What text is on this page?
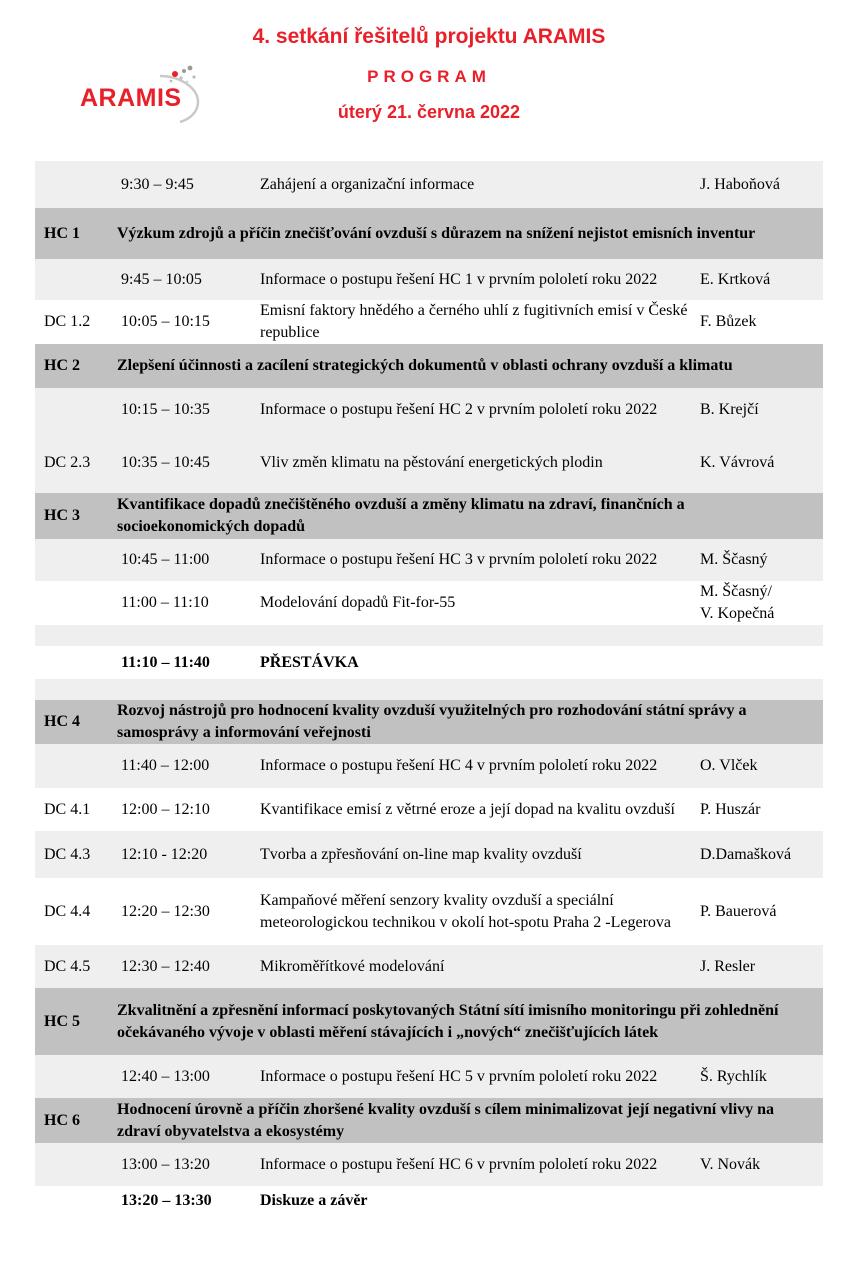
4. setkání řešitelů projektu ARAMIS
PROGRAM
úterý 21. června 2022
ARAMIS
	9:30 – 9:45	Zahájení a organizační informace	J. Haboňová
HC 1	Výzkum zdrojů a příčin znečišťování ovzduší s důrazem na snížení nejistot emisních inventur		
	9:45 – 10:05	Informace o postupu řešení HC 1 v prvním pololetí roku 2022	E. Krtková
DC 1.2	10:05 – 10:15	Emisní faktory hnědého a černého uhlí z fugitivních emisí v České republice	F. Bůzek
HC 2	Zlepšení účinnosti a zacílení strategických dokumentů v oblasti ochrany ovzduší a klimatu		
	10:15 – 10:35	Informace o postupu řešení HC 2 v prvním pololetí roku 2022	B. Krejčí
DC 2.3	10:35 – 10:45	Vliv změn klimatu na pěstování energetických plodin	K. Vávrová
HC 3	Kvantifikace dopadů znečištěného ovzduší a změny klimatu na zdraví, finančních a socioekonomických dopadů		
	10:45 – 11:00	Informace o postupu řešení HC 3 v prvním pololetí roku 2022	M. Ščasný
	11:00 – 11:10	Modelování dopadů Fit-for-55	M. Ščasný/
V. Kopečná

	11:10 – 11:40	PŘESTÁVKA	

HC 4	Rozvoj nástrojů pro hodnocení kvality ovzduší využitelných pro rozhodování státní správy a samosprávy a informování veřejnosti		
	11:40 – 12:00	Informace o postupu řešení HC 4 v prvním pololetí roku 2022	O. Vlček
DC 4.1	12:00 – 12:10	Kvantifikace emisí z větrné eroze a její dopad na kvalitu ovzduší	P. Huszár
DC 4.3	12:10 - 12:20	Tvorba a zpřesňování on-line map kvality ovzduší	D.Damašková
DC 4.4	12:20 – 12:30	Kampaňové měření senzory kvality ovzduší a speciální meteorologickou technikou v okolí hot-spotu Praha 2 -Legerova	P. Bauerová
DC 4.5	12:30 – 12:40	Mikroměřítkové modelování	J. Resler
HC 5	Zkvalitnění a zpřesnění informací poskytovaných Státní sítí imisního monitoringu při zohlednění očekávaného vývoje v oblasti měření stávajících i „nových“ znečišťujících látek		
	12:40 – 13:00	Informace o postupu řešení HC 5 v prvním pololetí roku 2022	Š. Rychlík
HC 6	Hodnocení úrovně a příčin zhoršené kvality ovzduší s cílem minimalizovat její negativní vlivy na zdraví obyvatelstva a ekosystémy		
	13:00 – 13:20	Informace o postupu řešení HC 6 v prvním pololetí roku 2022	V. Novák
	13:20 – 13:30	Diskuze a závěr	
